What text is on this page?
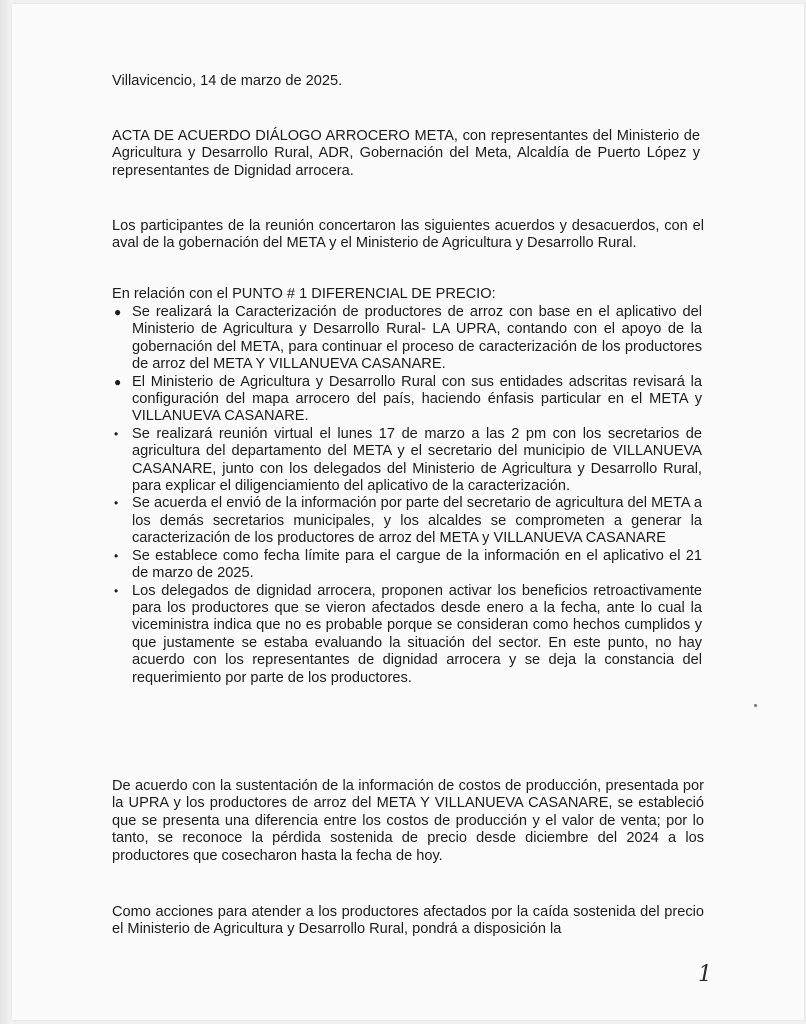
Villavicencio, 14 de marzo de 2025.
ACTA DE ACUERDO DIÁLOGO ARROCERO META, con representantes del Ministerio de Agricultura y Desarrollo Rural, ADR, Gobernación del Meta, Alcaldía de Puerto López y representantes de Dignidad arrocera.
Los participantes de la reunión concertaron las siguientes acuerdos y desacuerdos, con el aval de la gobernación del META y el Ministerio de Agricultura y Desarrollo Rural.
En relación con el PUNTO # 1 DIFERENCIAL DE PRECIO:
● Se realizará la Caracterización de productores de arroz con base en el aplicativo del Ministerio de Agricultura y Desarrollo Rural- LA UPRA, contando con el apoyo de la gobernación del META, para continuar el proceso de caracterización de los productores de arroz del META Y VILLANUEVA CASANARE.
● El Ministerio de Agricultura y Desarrollo Rural con sus entidades adscritas revisará la configuración del mapa arrocero del país, haciendo énfasis particular en el META y VILLANUEVA CASANARE.
• Se realizará reunión virtual el lunes 17 de marzo a las 2 pm con los secretarios de agricultura del departamento del META y el secretario del municipio de VILLANUEVA CASANARE, junto con los delegados del Ministerio de Agricultura y Desarrollo Rural, para explicar el diligenciamiento del aplicativo de la caracterización.
• Se acuerda el envió de la información por parte del secretario de agricultura del META a los demás secretarios municipales, y los alcaldes se comprometen a generar la caracterización de los productores de arroz del META y VILLANUEVA CASANARE
• Se establece como fecha límite para el cargue de la información en el aplicativo el 21 de marzo de 2025.
• Los delegados de dignidad arrocera, proponen activar los beneficios retroactivamente para los productores que se vieron afectados desde enero a la fecha, ante lo cual la viceministra indica que no es probable porque se consideran como hechos cumplidos y que justamente se estaba evaluando la situación del sector. En este punto, no hay acuerdo con los representantes de dignidad arrocera y se deja la constancia del requerimiento por parte de los productores.
De acuerdo con la sustentación de la información de costos de producción, presentada por la UPRA y los productores de arroz del META Y VILLANUEVA CASANARE, se estableció que se presenta una diferencia entre los costos de producción y el valor de venta; por lo tanto, se reconoce la pérdida sostenida de precio desde diciembre del 2024 a los productores que cosecharon hasta la fecha de hoy.
Como acciones para atender a los productores afectados por la caída sostenida del precio el Ministerio de Agricultura y Desarrollo Rural, pondrá a disposición la
1
